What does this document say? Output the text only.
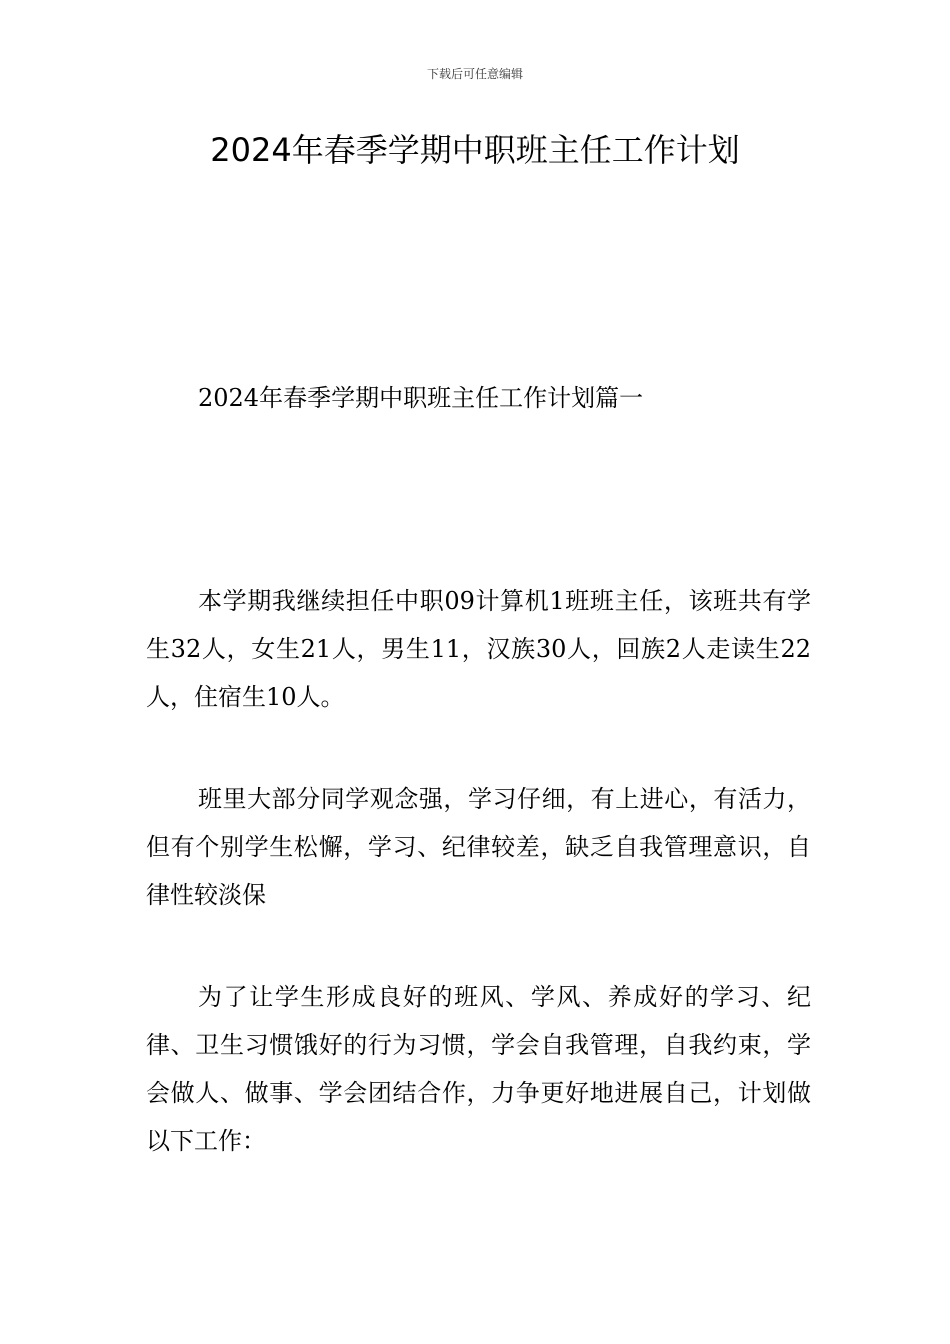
下载后可任意编辑
2024年春季学期中职班主任工作计划

2024年春季学期中职班主任工作计划篇一

本学期我继续担任中职09计算机1班班主任，该班共有学生32人，女生21人，男生11，汉族30人，回族2人走读生22人，住宿生10人。

班里大部分同学观念强，学习仔细，有上进心，有活力，但有个别学生松懈，学习、纪律较差，缺乏自我管理意识，自律性较淡保

为了让学生形成良好的班风、学风、养成好的学习、纪律、卫生习惯饿好的行为习惯，学会自我管理，自我约束，学会做人、做事、学会团结合作，力争更好地进展自己，计划做以下工作：
